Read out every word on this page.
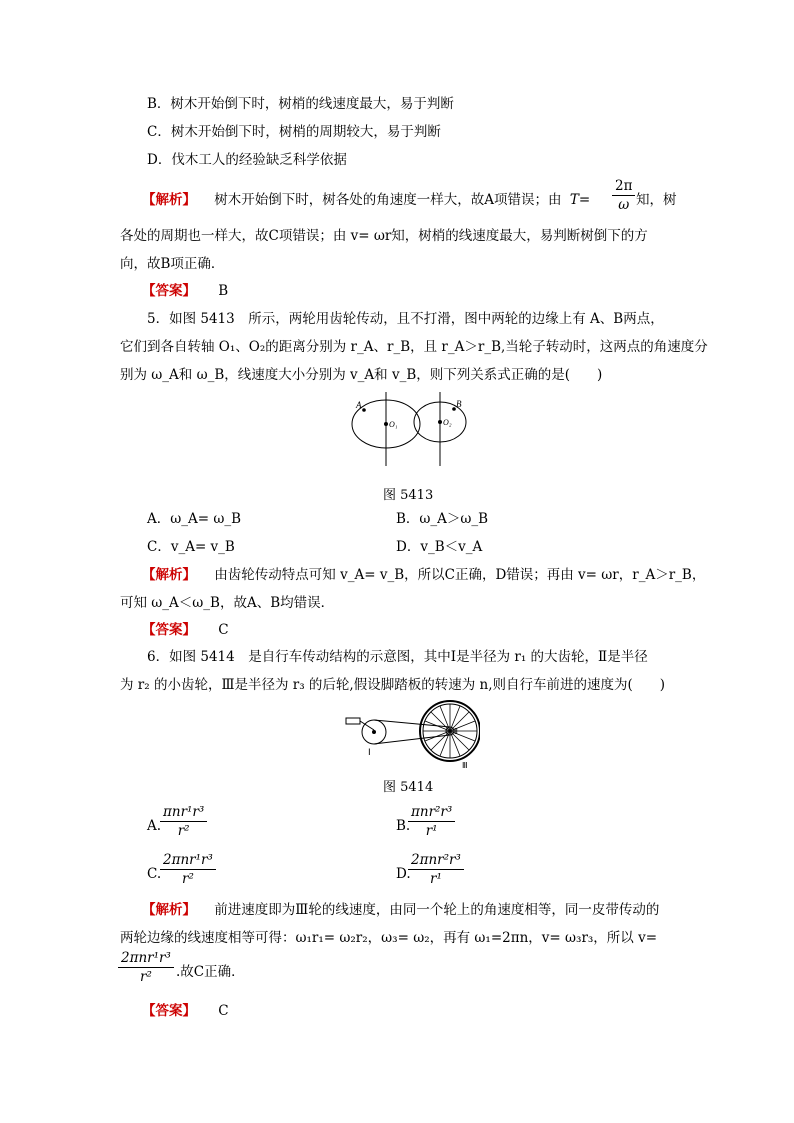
B．树木开始倒下时，树梢的线速度最大，易于判断
C．树木开始倒下时，树梢的周期较大，易于判断
D．伐木工人的经验缺乏科学依据
【解析】 树木开始倒下时，树各处的角速度一样大，故A项错误；由 T=
2π
ω 知，树
各处的周期也一样大，故C项错误；由 v= ωr知，树梢的线速度最大，易判断树倒下的方
向，故B项正确．
【答案】 B
5．如图 5413　所示，两轮用齿轮传动，且不打滑，图中两轮的边缘上有 A、B两点，
它们到各自转轴 O₁、O₂的距离分别为 r_A、r_B，且 r_A＞r_B,当轮子转动时，这两点的角速度分
别为 ω_A和 ω_B，线速度大小分别为 v_A和 v_B，则下列关系式正确的是(　　)
A	B
O₁	O₂
图 5413
A．ω_A= ω_B	B．ω_A＞ω_B
C．v_A= v_B	D．v_B＜v_A
【解析】 由齿轮传动特点可知 v_A= v_B，所以C正确，D错误；再由 v= ωr，r_A＞r_B，
可知 ω_A＜ω_B，故A、B均错误．
【答案】 C
6．如图 5414　是自行车传动结构的示意图，其中Ⅰ是半径为 r₁ 的大齿轮，Ⅱ是半径
为 r₂ 的小齿轮，Ⅲ是半径为 r₃ 的后轮,假设脚踏板的转速为 n,则自行车前进的速度为(　　)
Ⅰ
Ⅱ
Ⅲ
图 5414
A.
πnr¹r³
r²	B.
πnr²r³
r¹
C.
2πnr¹r³
r²	D.
2πnr²r³
r¹
【解析】 前进速度即为Ⅲ轮的线速度，由同一个轮上的角速度相等，同一皮带传动的
两轮边缘的线速度相等可得：ω₁r₁= ω₂r₂，ω₃= ω₂，再有 ω₁=2πn，v= ω₃r₃，所以 v=
2πnr¹r³
r²	.故C正确．
【答案】 C
